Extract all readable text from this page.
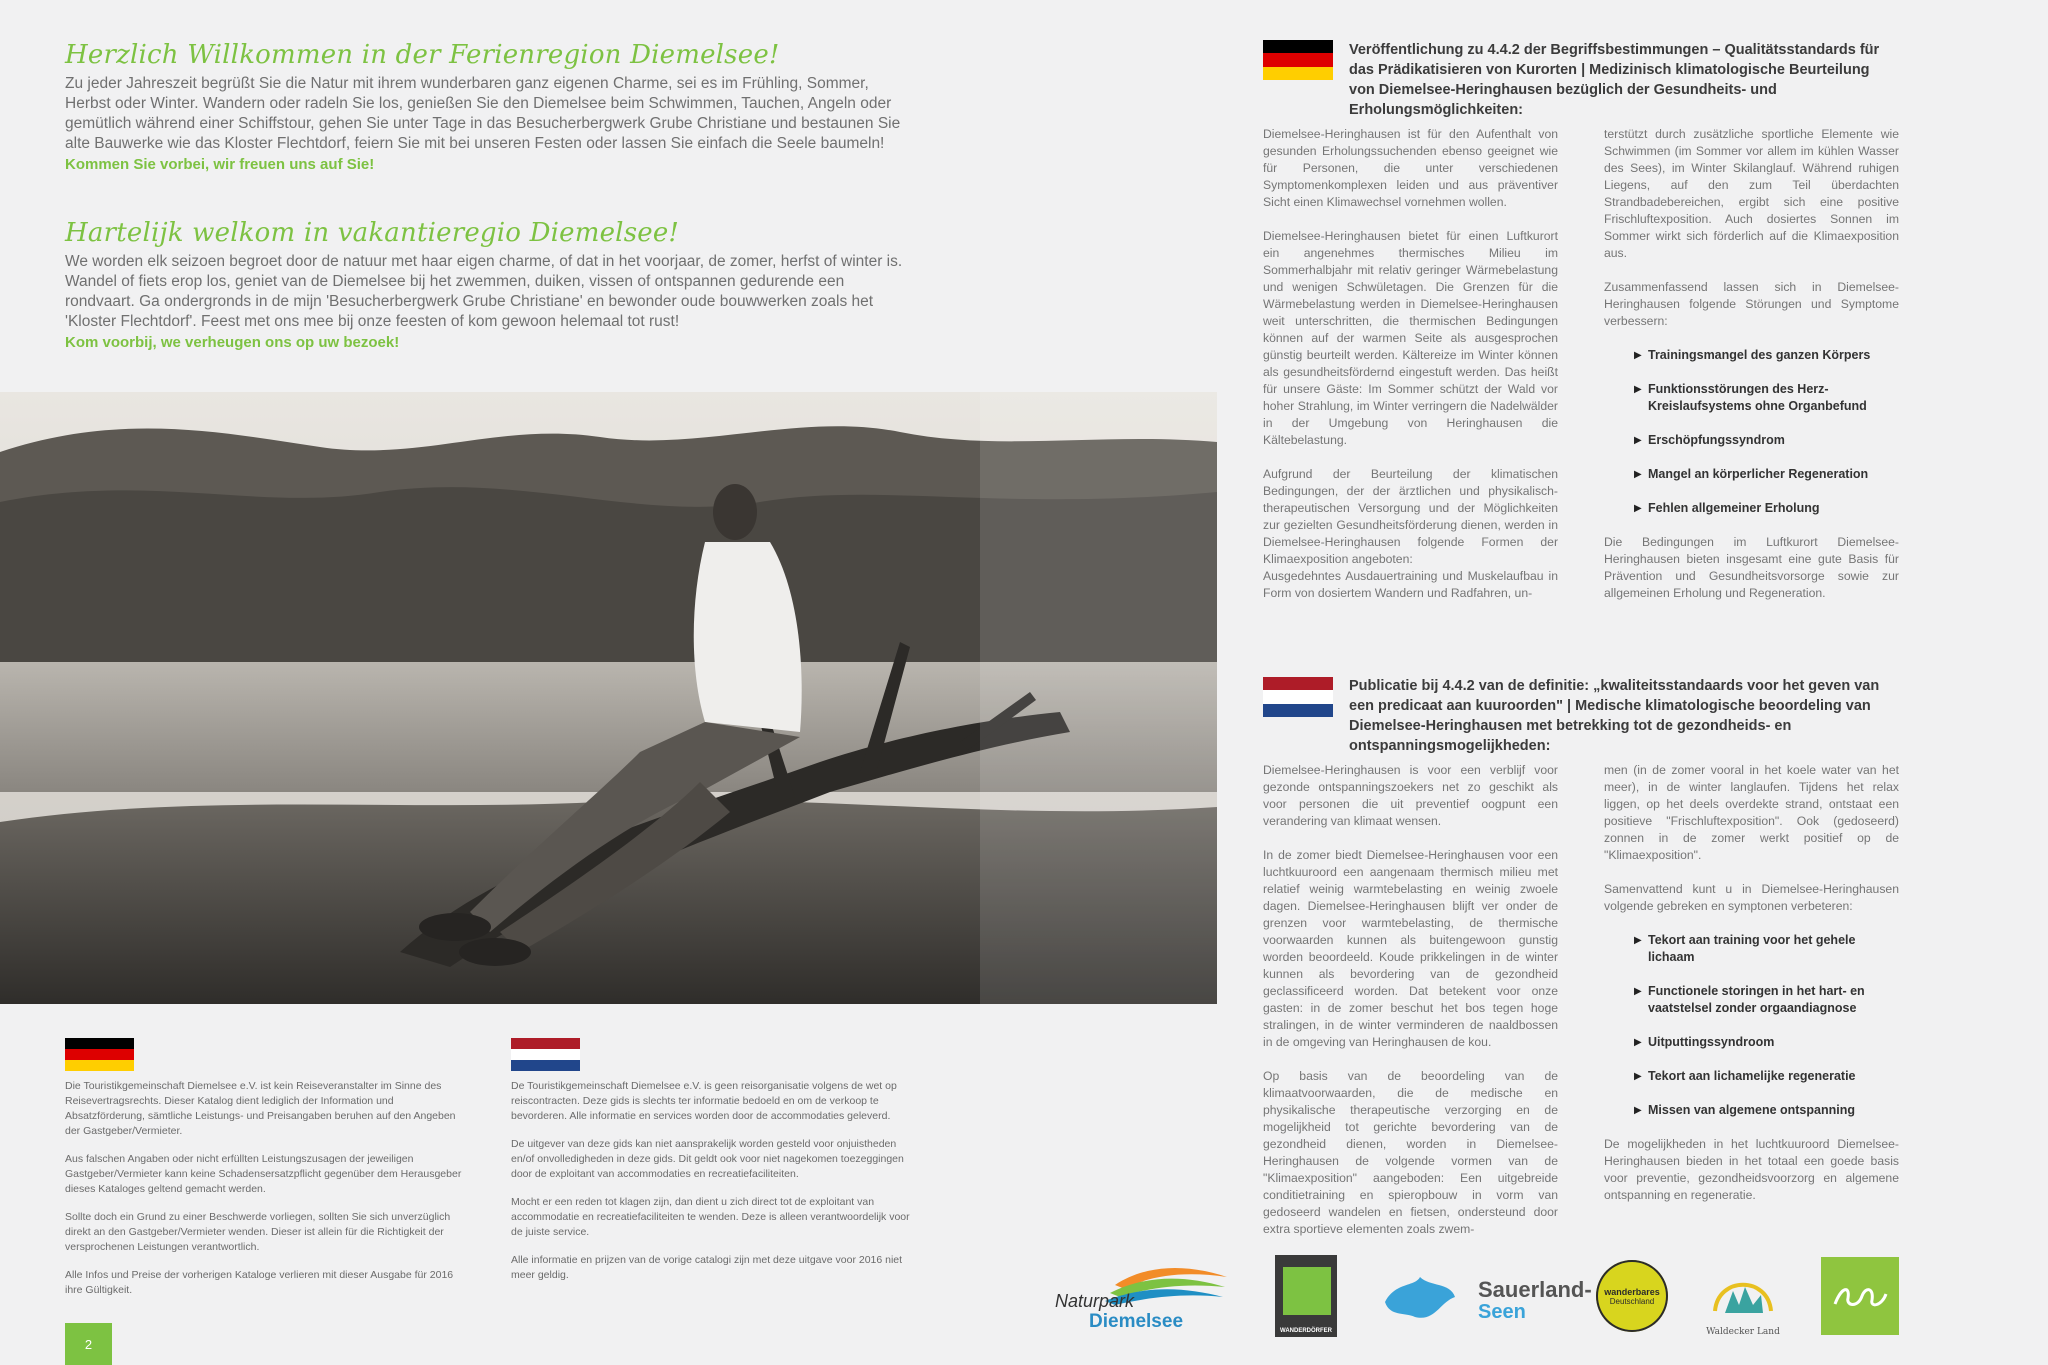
Herzlich Willkommen in der Ferienregion Diemelsee!

Zu jeder Jahreszeit begrüßt Sie die Natur mit ihrem wunderbaren ganz eigenen Charme, sei es im Frühling, Sommer, Herbst oder Winter. Wandern oder radeln Sie los, genießen Sie den Diemelsee beim Schwimmen, Tauchen, Angeln oder gemütlich während einer Schiffstour, gehen Sie unter Tage in das Besucherbergwerk Grube Christiane und bestaunen Sie alte Bauwerke wie das Kloster Flechtdorf, feiern Sie mit bei unseren Festen oder lassen Sie einfach die Seele baumeln!

Kommen Sie vorbei, wir freuen uns auf Sie!
Hartelijk welkom in vakantieregio Diemelsee!

We worden elk seizoen begroet door de natuur met haar eigen charme, of dat in het voorjaar, de zomer, herfst of winter is. Wandel of fiets erop los, geniet van de Diemelsee bij het zwemmen, duiken, vissen of ontspannen gedurende een rondvaart. Ga ondergronds in de mijn 'Besucherbergwerk Grube Christiane' en bewonder oude bouwwerken zoals het 'Kloster Flechtdorf'. Feest met ons mee bij onze feesten of kom gewoon helemaal tot rust!

Kom voorbij, we verheugen ons op uw bezoek!

Die Touristikgemeinschaft Diemelsee e.V. ist kein Reiseveranstalter im Sinne des Reisevertragsrechts. Dieser Katalog dient lediglich der Information und Absatzförderung, sämtliche Leistungs- und Preisangaben beruhen auf den Angeben der Gastgeber/Vermieter.

Aus falschen Angaben oder nicht erfüllten Leistungszusagen der jeweiligen Gastgeber/Vermieter kann keine Schadensersatzpflicht gegenüber dem Herausgeber dieses Kataloges geltend gemacht werden.

Sollte doch ein Grund zu einer Beschwerde vorliegen, sollten Sie sich unverzüglich direkt an den Gastgeber/Vermieter wenden. Dieser ist allein für die Richtigkeit der versprochenen Leistungen verantwortlich.

Alle Infos und Preise der vorherigen Kataloge verlieren mit dieser Ausgabe für 2016 ihre Gültigkeit.

De Touristikgemeinschaft Diemelsee e.V. is geen reisorganisatie volgens de wet op reiscontracten. Deze gids is slechts ter informatie bedoeld en om de verkoop te bevorderen. Alle informatie en services worden door de accommodaties geleverd.

De uitgever van deze gids kan niet aansprakelijk worden gesteld voor onjuistheden en/of onvolledigheden in deze gids. Dit geldt ook voor niet nagekomen toezeggingen door de exploitant van accommodaties en recreatiefaciliteiten.

Mocht er een reden tot klagen zijn, dan dient u zich direct tot de exploitant van accommodatie en recreatiefaciliteiten te wenden. Deze is alleen verantwoordelijk voor de juiste service.

Alle informatie en prijzen van de vorige catalogi zijn met deze uitgave voor 2016 niet meer geldig.

2
Veröffentlichung zu 4.4.2 der Begriffsbestimmungen – Qualitätsstandards für das Prädikatisieren von Kurorten | Medizinisch klimatologische Beurteilung von Diemelsee-Heringhausen bezüglich der Gesundheits- und Erholungsmöglichkeiten:

Diemelsee-Heringhausen ist für den Aufenthalt von gesunden Erholungssuchenden ebenso geeignet wie für Personen, die unter verschiedenen Symptomenkomplexen leiden und aus präventiver Sicht einen Klimawechsel vornehmen wollen.

Diemelsee-Heringhausen bietet für einen Luftkurort ein angenehmes thermisches Milieu im Sommerhalbjahr mit relativ geringer Wärmebelastung und wenigen Schwületagen. Die Grenzen für die Wärmebelastung werden in Diemelsee-Heringhausen weit unterschritten, die thermischen Bedingungen können auf der warmen Seite als ausgesprochen günstig beurteilt werden. Kältereize im Winter können als gesundheitsfördernd eingestuft werden. Das heißt für unsere Gäste: Im Sommer schützt der Wald vor hoher Strahlung, im Winter verringern die Nadelwälder in der Umgebung von Heringhausen die Kältebelastung.

Aufgrund der Beurteilung der klimatischen Bedingungen, der der ärztlichen und physikalisch-therapeutischen Versorgung und der Möglichkeiten zur gezielten Gesundheitsförderung dienen, werden in Diemelsee-Heringhausen folgende Formen der Klimaexposition angeboten:

Ausgedehntes Ausdauertraining und Muskelaufbau in Form von dosiertem Wandern und Radfahren, un-

terstützt durch zusätzliche sportliche Elemente wie Schwimmen (im Sommer vor allem im kühlen Wasser des Sees), im Winter Skilanglauf. Während ruhigen Liegens, auf den zum Teil überdachten Strandbadebereichen, ergibt sich eine positive Frischluftexposition. Auch dosiertes Sonnen im Sommer wirkt sich förderlich auf die Klimaexposition aus.

Zusammenfassend lassen sich in Diemelsee-Heringhausen folgende Störungen und Symptome verbessern:

▶ Trainingsmangel des ganzen Körpers
▶ Funktionsstörungen des Herz-Kreislaufsystems ohne Organbefund
▶ Erschöpfungssyndrom
▶ Mangel an körperlicher Regeneration
▶ Fehlen allgemeiner Erholung

Die Bedingungen im Luftkurort Diemelsee-Heringhausen bieten insgesamt eine gute Basis für Prävention und Gesundheitsvorsorge sowie zur allgemeinen Erholung und Regeneration.

Publicatie bij 4.4.2 van de definitie: „kwaliteitsstandaards voor het geven van een predicaat aan kuuroorden" | Medische klimatologische beoordeling van Diemelsee-Heringhausen met betrekking tot de gezondheids- en ontspanningsmogelijkheden:

Diemelsee-Heringhausen is voor een verblijf voor gezonde ontspanningszoekers net zo geschikt als voor personen die uit preventief oogpunt een verandering van klimaat wensen.

In de zomer biedt Diemelsee-Heringhausen voor een luchtkuuroord een aangenaam thermisch milieu met relatief weinig warmtebelasting en weinig zwoele dagen. Diemelsee-Heringhausen blijft ver onder de grenzen voor warmtebelasting, de thermische voorwaarden kunnen als buitengewoon gunstig worden beoordeeld. Koude prikkelingen in de winter kunnen als bevordering van de gezondheid geclassificeerd worden. Dat betekent voor onze gasten: in de zomer beschut het bos tegen hoge stralingen, in de winter verminderen de naaldbossen in de omgeving van Heringhausen de kou.

Op basis van de beoordeling van de klimaatvoorwaarden, die de medische en physikalische therapeutische verzorging en de mogelijkheid tot gerichte bevordering van de gezondheid dienen, worden in Diemelsee-Heringhausen de volgende vormen van de "Klimaexposition" aangeboden: Een uitgebreide conditietraining en spieropbouw in vorm van gedoseerd wandelen en fietsen, ondersteund door extra sportieve elementen zoals zwem-

men (in de zomer vooral in het koele water van het meer), in de winter langlaufen. Tijdens het relax liggen, op het deels overdekte strand, ontstaat een positieve "Frischluftexposition". Ook (gedoseerd) zonnen in de zomer werkt positief op de "Klimaexposition".

Samenvattend kunt u in Diemelsee-Heringhausen volgende gebreken en symptonen verbeteren:

▶ Tekort aan training voor het gehele lichaam
▶ Functionele storingen in het hart- en vaatstelsel zonder orgaandiagnose
▶ Uitputtingssyndroom
▶ Tekort aan lichamelijke regeneratie
▶ Missen van algemene ontspanning

De mogelijkheden in het luchtkuuroord Diemelsee-Heringhausen bieden in het totaal een goede basis voor preventie, gezondheidsvoorzorg en algemene ontspanning en regeneratie.

Naturpark
Diemelsee	WANDERDÖRFER
Sauerland-
Seen
wanderbares
Deutschland
Waldecker Land
